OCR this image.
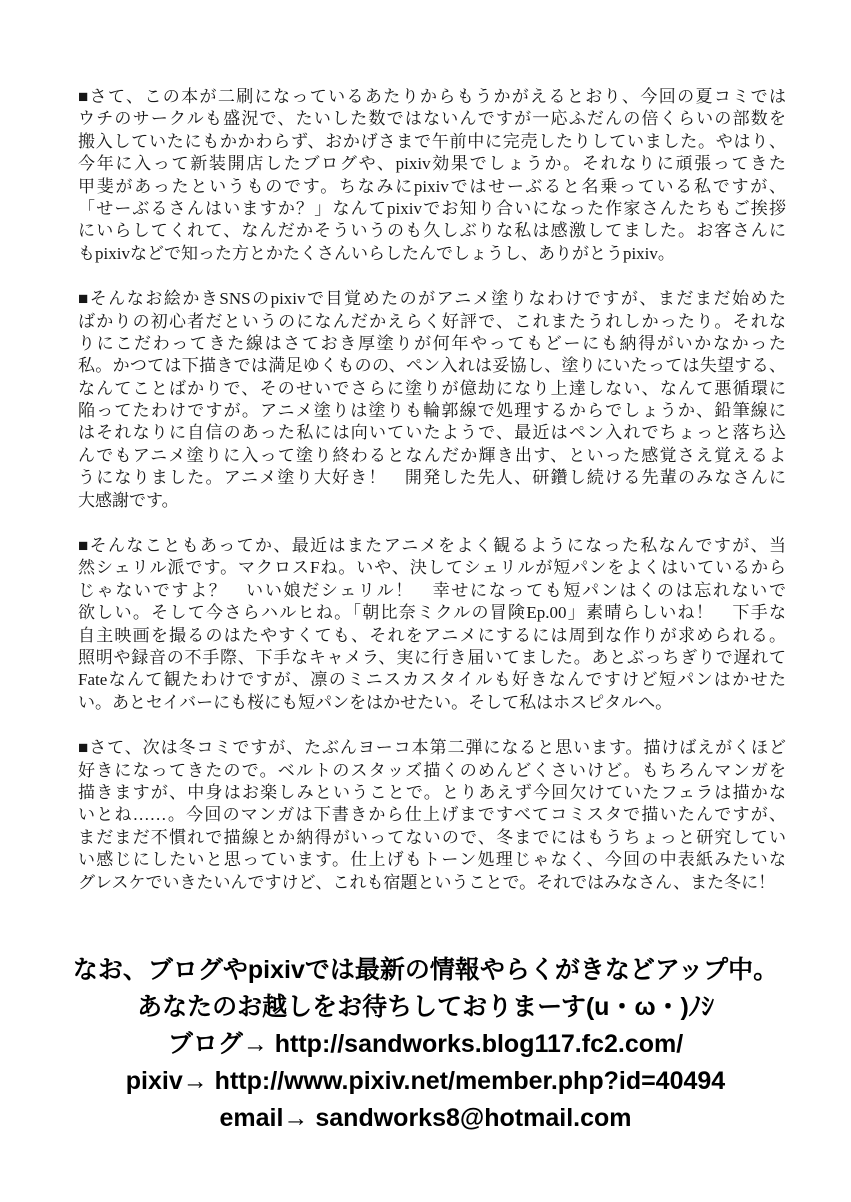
■さて、この本が二刷になっているあたりからもうかがえるとおり、今回の夏コミでは
ウチのサークルも盛況で、たいした数ではないんですが一応ふだんの倍くらいの部数を
搬入していたにもかかわらず、おかげさまで午前中に完売したりしていました。やはり、
今年に入って新装開店したブログや、pixiv効果でしょうか。それなりに頑張ってきた
甲斐があったというものです。ちなみにpixivではせーぶると名乗っている私ですが、
「せーぶるさんはいますか？」なんてpixivでお知り合いになった作家さんたちもご挨拶
にいらしてくれて、なんだかそういうのも久しぶりな私は感激してました。お客さんに
もpixivなどで知った方とかたくさんいらしたんでしょうし、ありがとうpixiv。
■そんなお絵かきSNSのpixivで目覚めたのがアニメ塗りなわけですが、まだまだ始めた
ばかりの初心者だというのになんだかえらく好評で、これまたうれしかったり。それな
りにこだわってきた線はさておき厚塗りが何年やってもどーにも納得がいかなかった
私。かつては下描きでは満足ゆくものの、ペン入れは妥協し、塗りにいたっては失望する、
なんてことばかりで、そのせいでさらに塗りが億劫になり上達しない、なんて悪循環に
陥ってたわけですが。アニメ塗りは塗りも輪郭線で処理するからでしょうか、鉛筆線に
はそれなりに自信のあった私には向いていたようで、最近はペン入れでちょっと落ち込
んでもアニメ塗りに入って塗り終わるとなんだか輝き出す、といった感覚さえ覚えるよ
うになりました。アニメ塗り大好き！　開発した先人、研鑽し続ける先輩のみなさんに
大感謝です。
■そんなこともあってか、最近はまたアニメをよく観るようになった私なんですが、当
然シェリル派です。マクロスFね。いや、決してシェリルが短パンをよくはいているから
じゃないですよ？　いい娘だシェリル！　幸せになっても短パンはくのは忘れないで
欲しい。そして今さらハルヒね。「朝比奈ミクルの冒険Ep.00」素晴らしいね！　下手な
自主映画を撮るのはたやすくても、それをアニメにするには周到な作りが求められる。
照明や録音の不手際、下手なキャメラ、実に行き届いてました。あとぶっちぎりで遅れて
Fateなんて観たわけですが、凛のミニスカスタイルも好きなんですけど短パンはかせた
い。あとセイバーにも桜にも短パンをはかせたい。そして私はホスピタルへ。
■さて、次は冬コミですが、たぶんヨーコ本第二弾になると思います。描けばえがくほど
好きになってきたので。ベルトのスタッズ描くのめんどくさいけど。もちろんマンガを
描きますが、中身はお楽しみということで。とりあえず今回欠けていたフェラは描かな
いとね……。今回のマンガは下書きから仕上げまですべてコミスタで描いたんですが、
まだまだ不慣れで描線とか納得がいってないので、冬までにはもうちょっと研究してい
い感じにしたいと思っています。仕上げもトーン処理じゃなく、今回の中表紙みたいな
グレスケでいきたいんですけど、これも宿題ということで。それではみなさん、また冬に！
なお、ブログやpixivでは最新の情報やらくがきなどアップ中。
あなたのお越しをお待ちしておりまーす(u・ω・)ﾉｼ
ブログ→ http://sandworks.blog117.fc2.com/
pixiv→ http://www.pixiv.net/member.php?id=40494
email→ sandworks8@hotmail.com
